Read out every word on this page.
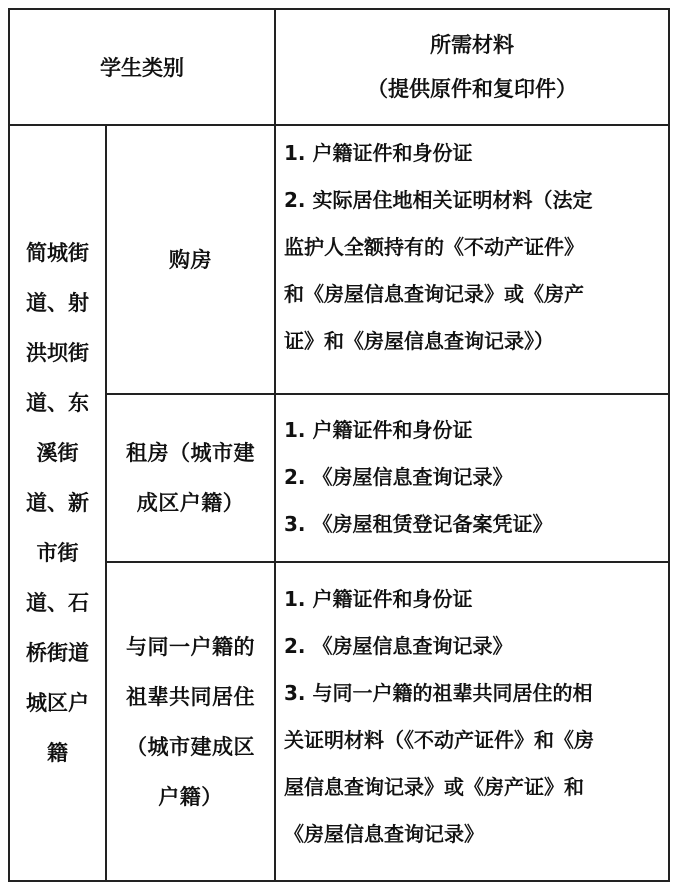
学生类别
所需材料
（提供原件和复印件）
简城街
道、射
洪坝街
道、东
溪街
道、新
市街
道、石
桥街道
城区户
籍
购房

1. 户籍证件和身份证
2. 实际居住地相关证明材料（法定
监护人全额持有的《不动产证件》
和《房屋信息查询记录》或《房产
证》和《房屋信息查询记录》）

租房（城市建
成区户籍）

1. 户籍证件和身份证
2. 《房屋信息查询记录》
3. 《房屋租赁登记备案凭证》

与同一户籍的
祖辈共同居住
（城市建成区
户籍）

1. 户籍证件和身份证
2. 《房屋信息查询记录》
3. 与同一户籍的祖辈共同居住的相
关证明材料（《不动产证件》和《房
屋信息查询记录》或《房产证》和
《房屋信息查询记录》
